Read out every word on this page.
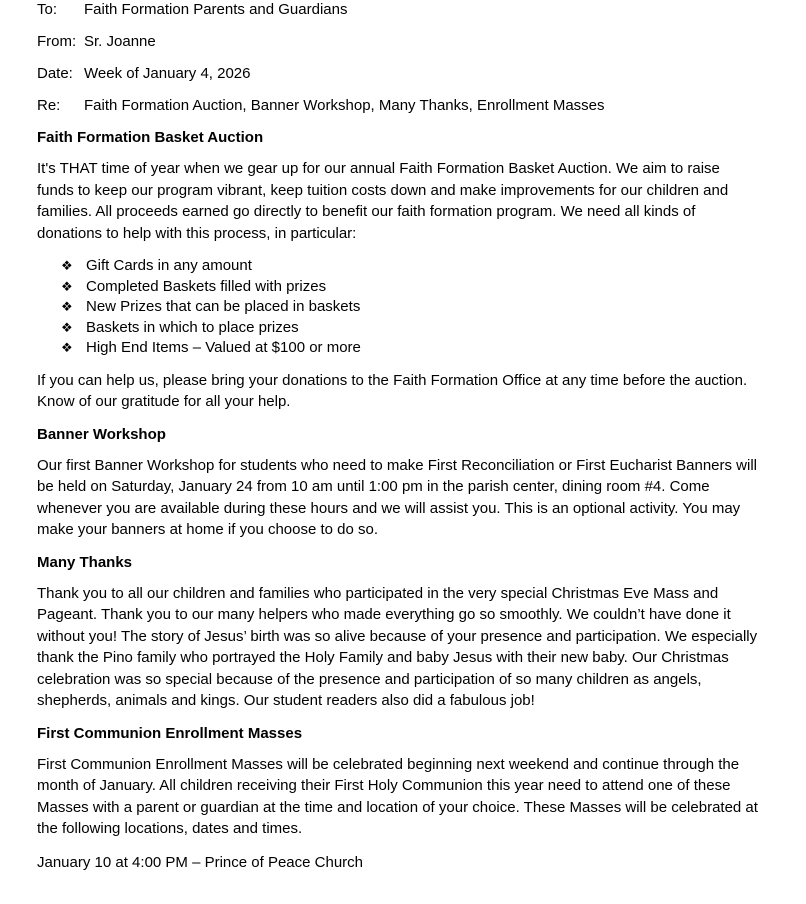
To:	Faith Formation Parents and Guardians
From: Sr. Joanne
Date: Week of January 4, 2026
Re:	Faith Formation Auction, Banner Workshop, Many Thanks, Enrollment Masses
Faith Formation Basket Auction

It's THAT time of year when we gear up for our annual Faith Formation Basket Auction. We aim to raise funds to keep our program vibrant, keep tuition costs down and make improvements for our children and families. All proceeds earned go directly to benefit our faith formation program. We need all kinds of donations to help with this process, in particular:

❖ Gift Cards in any amount
❖ Completed Baskets filled with prizes
❖ New Prizes that can be placed in baskets
❖ Baskets in which to place prizes
❖ High End Items – Valued at $100 or more

If you can help us, please bring your donations to the Faith Formation Office at any time before the auction. Know of our gratitude for all your help.

Banner Workshop

Our first Banner Workshop for students who need to make First Reconciliation or First Eucharist Banners will be held on Saturday, January 24 from 10 am until 1:00 pm in the parish center, dining room #4. Come whenever you are available during these hours and we will assist you. This is an optional activity. You may make your banners at home if you choose to do so.

Many Thanks

Thank you to all our children and families who participated in the very special Christmas Eve Mass and Pageant. Thank you to our many helpers who made everything go so smoothly. We couldn’t have done it without you! The story of Jesus’ birth was so alive because of your presence and participation. We especially thank the Pino family who portrayed the Holy Family and baby Jesus with their new baby. Our Christmas celebration was so special because of the presence and participation of so many children as angels, shepherds, animals and kings. Our student readers also did a fabulous job!

First Communion Enrollment Masses

First Communion Enrollment Masses will be celebrated beginning next weekend and continue through the month of January. All children receiving their First Holy Communion this year need to attend one of these Masses with a parent or guardian at the time and location of your choice. These Masses will be celebrated at the following locations, dates and times.

January 10 at 4:00 PM – Prince of Peace Church
